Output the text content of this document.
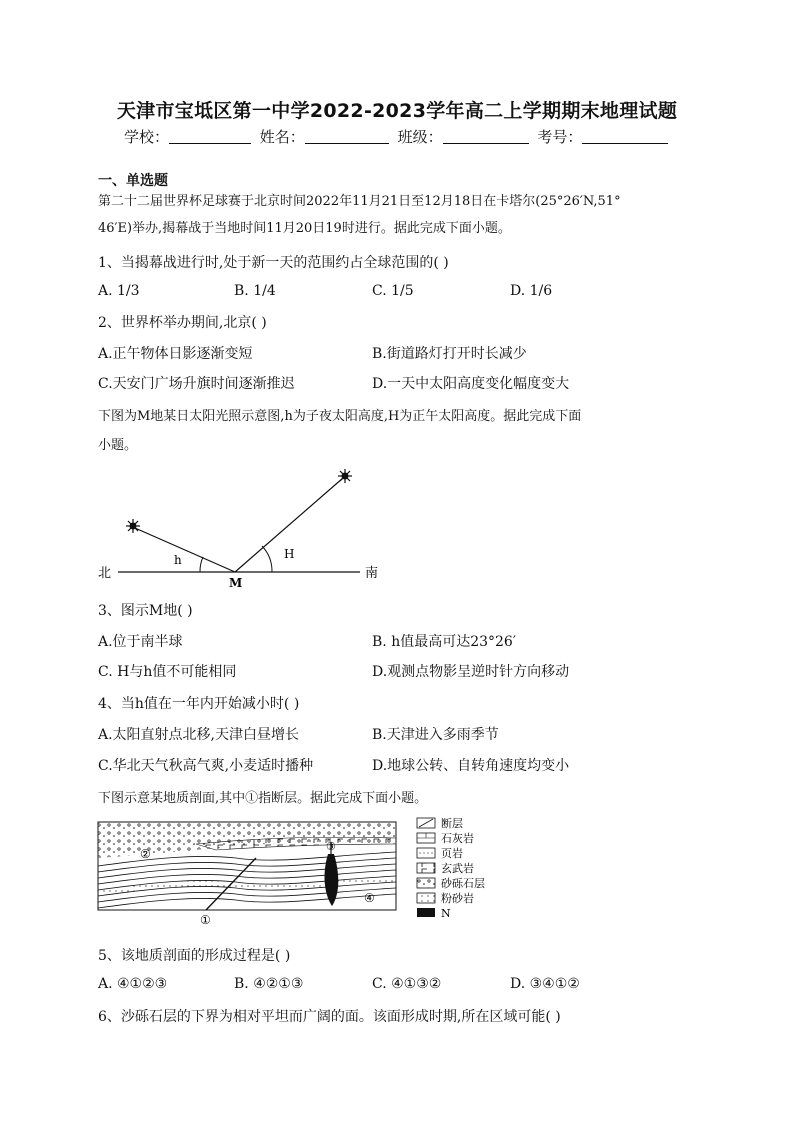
天津市宝坻区第一中学2022-2023学年高二上学期期末地理试题
学校：	姓名：	班级：	考号：
一、单选题
第二十二届世界杯足球赛于北京时间2022年11月21日至12月18日在卡塔尔(25°26′N,51°
46′E)举办,揭幕战于当地时间11月20日19时进行。据此完成下面小题。
1、当揭幕战进行时,处于新一天的范围约占全球范围的( )
A. 1/3	B. 1/4	C. 1/5	D. 1/6
2、世界杯举办期间,北京( )
A.正午物体日影逐渐变短	B.街道路灯打开时长减少
C.天安门广场升旗时间逐渐推迟	D.一天中太阳高度变化幅度变大
下图为M地某日太阳光照示意图,h为子夜太阳高度,H为正午太阳高度。据此完成下面
小题。
北	南
M
h	H
3、图示M地( )
A.位于南半球	B. h值最高可达23°26′
C. H与h值不可能相同	D.观测点物影呈逆时针方向移动
4、当h值在一年内开始减小时( )
A.太阳直射点北移,天津白昼增长	B.天津进入多雨季节
C.华北天气秋高气爽,小麦适时播种	D.地球公转、自转角速度均变小
下图示意某地质剖面,其中①指断层。据此完成下面小题。
①
②
③
④
断层
石灰岩
页岩
玄武岩
砂砾石层
粉砂岩
N
5、该地质剖面的形成过程是( )
A. ④①②③	B. ④②①③	C. ④①③②	D. ③④①②
6、沙砾石层的下界为相对平坦而广阔的面。该面形成时期,所在区域可能( )
